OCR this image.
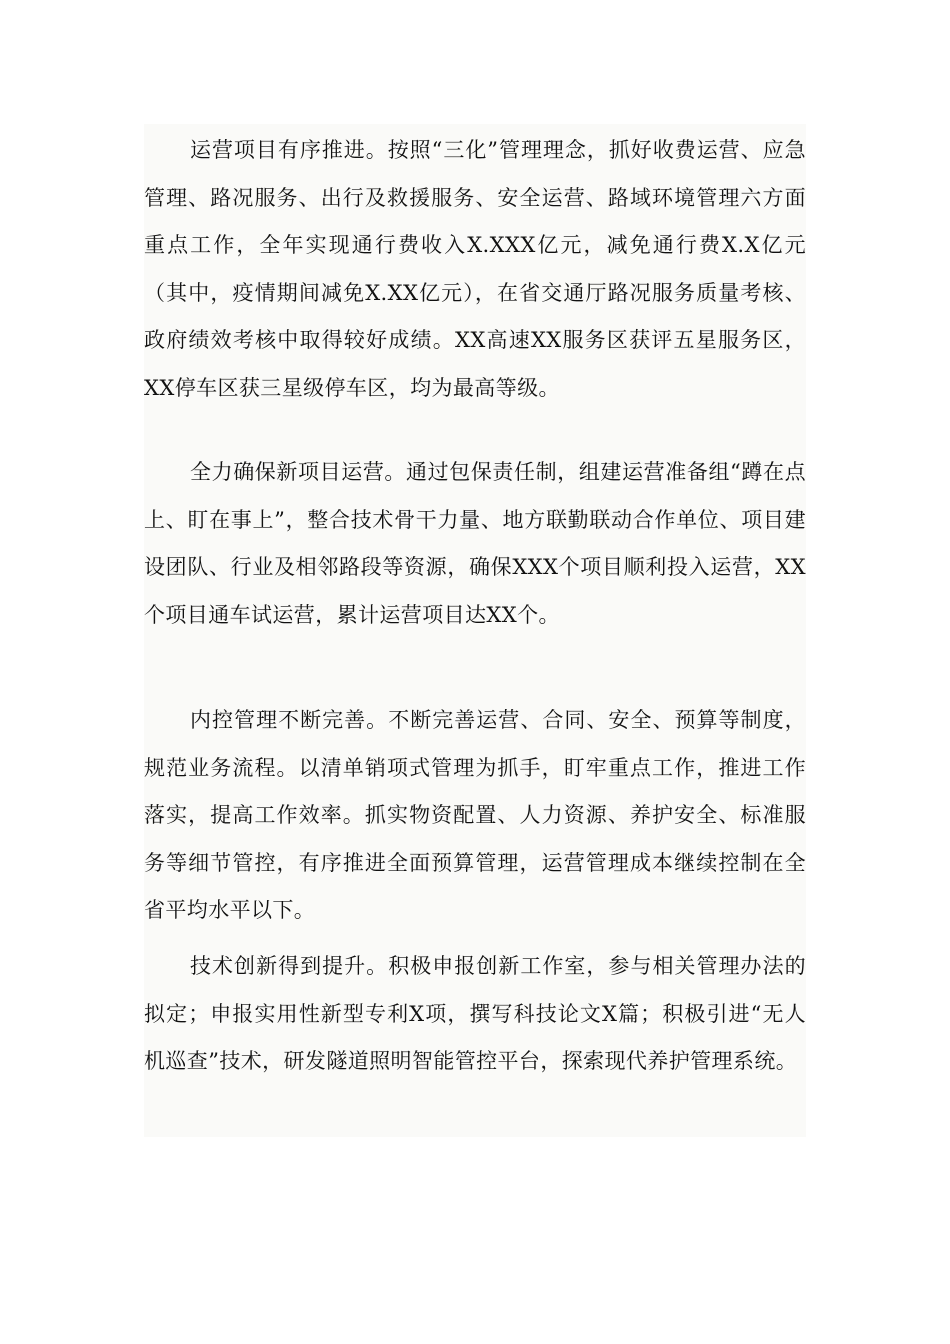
运营项目有序推进。按照“三化”管理理念，抓好收费运营、应急管理、路况服务、出行及救援服务、安全运营、路域环境管理六方面重点工作，全年实现通行费收入X.XXX亿元，减免通行费X.X亿元（其中，疫情期间减免X.XX亿元），在省交通厅路况服务质量考核、政府绩效考核中取得较好成绩。XX高速XX服务区获评五星服务区，XX停车区获三星级停车区，均为最高等级。

全力确保新项目运营。通过包保责任制，组建运营准备组“蹲在点上、盯在事上”，整合技术骨干力量、地方联勤联动合作单位、项目建设团队、行业及相邻路段等资源，确保XXX个项目顺利投入运营，XX个项目通车试运营，累计运营项目达XX个。

内控管理不断完善。不断完善运营、合同、安全、预算等制度，规范业务流程。以清单销项式管理为抓手，盯牢重点工作，推进工作落实，提高工作效率。抓实物资配置、人力资源、养护安全、标准服务等细节管控，有序推进全面预算管理，运营管理成本继续控制在全省平均水平以下。

技术创新得到提升。积极申报创新工作室，参与相关管理办法的拟定；申报实用性新型专利X项，撰写科技论文X篇；积极引进“无人机巡查”技术，研发隧道照明智能管控平台，探索现代养护管理系统。
